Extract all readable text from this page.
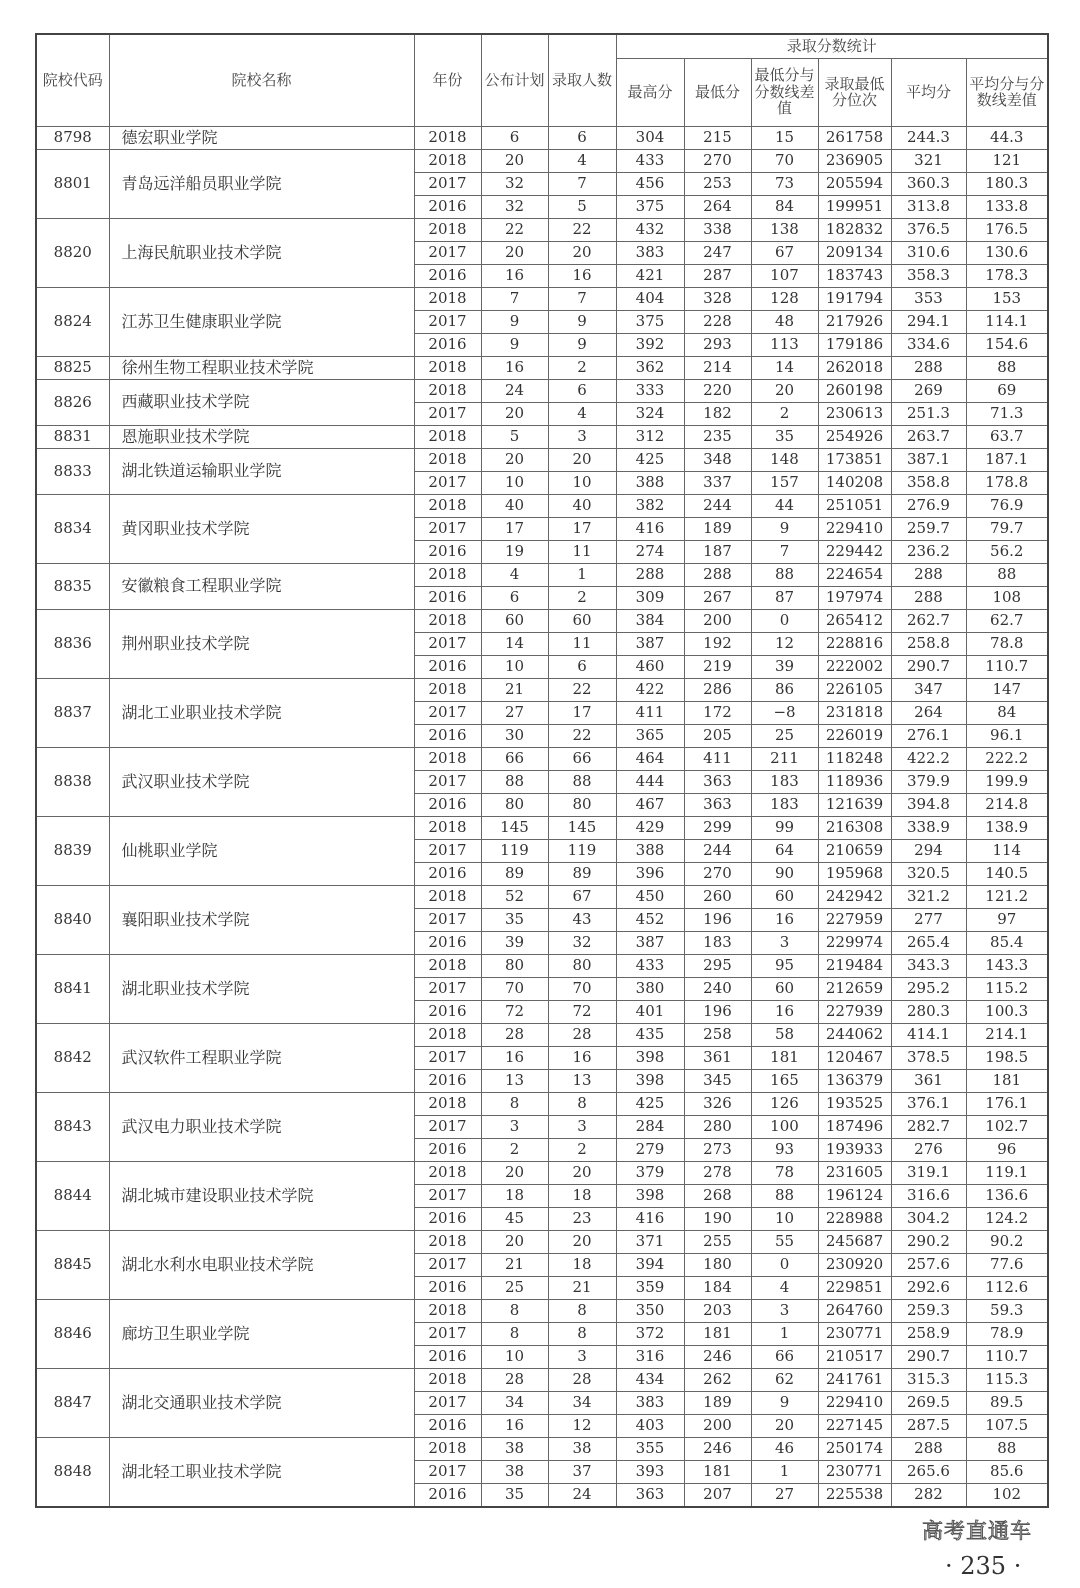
院校代码	院校名称	年份	公布计划	录取人数	录取分数统计					
					最高分	最低分	最低分与分数线差值	录取最低分位次	平均分	平均分与分数线差值
8798	德宏职业学院	2018	6	6	304	215	15	261758	244.3	44.3
8801	青岛远洋船员职业学院	2018	20	4	433	270	70	236905	321	121
		2017	32	7	456	253	73	205594	360.3	180.3
		2016	32	5	375	264	84	199951	313.8	133.8
8820	上海民航职业技术学院	2018	22	22	432	338	138	182832	376.5	176.5
		2017	20	20	383	247	67	209134	310.6	130.6
		2016	16	16	421	287	107	183743	358.3	178.3
8824	江苏卫生健康职业学院	2018	7	7	404	328	128	191794	353	153
		2017	9	9	375	228	48	217926	294.1	114.1
		2016	9	9	392	293	113	179186	334.6	154.6
8825	徐州生物工程职业技术学院	2018	16	2	362	214	14	262018	288	88
8826	西藏职业技术学院	2018	24	6	333	220	20	260198	269	69
		2017	20	4	324	182	2	230613	251.3	71.3
8831	恩施职业技术学院	2018	5	3	312	235	35	254926	263.7	63.7
8833	湖北铁道运输职业学院	2018	20	20	425	348	148	173851	387.1	187.1
		2017	10	10	388	337	157	140208	358.8	178.8
8834	黄冈职业技术学院	2018	40	40	382	244	44	251051	276.9	76.9
		2017	17	17	416	189	9	229410	259.7	79.7
		2016	19	11	274	187	7	229442	236.2	56.2
8835	安徽粮食工程职业学院	2018	4	1	288	288	88	224654	288	88
		2016	6	2	309	267	87	197974	288	108
8836	荆州职业技术学院	2018	60	60	384	200	0	265412	262.7	62.7
		2017	14	11	387	192	12	228816	258.8	78.8
		2016	10	6	460	219	39	222002	290.7	110.7
8837	湖北工业职业技术学院	2018	21	22	422	286	86	226105	347	147
		2017	27	17	411	172	−8	231818	264	84
		2016	30	22	365	205	25	226019	276.1	96.1
8838	武汉职业技术学院	2018	66	66	464	411	211	118248	422.2	222.2
		2017	88	88	444	363	183	118936	379.9	199.9
		2016	80	80	467	363	183	121639	394.8	214.8
8839	仙桃职业学院	2018	145	145	429	299	99	216308	338.9	138.9
		2017	119	119	388	244	64	210659	294	114
		2016	89	89	396	270	90	195968	320.5	140.5
8840	襄阳职业技术学院	2018	52	67	450	260	60	242942	321.2	121.2
		2017	35	43	452	196	16	227959	277	97
		2016	39	32	387	183	3	229974	265.4	85.4
8841	湖北职业技术学院	2018	80	80	433	295	95	219484	343.3	143.3
		2017	70	70	380	240	60	212659	295.2	115.2
		2016	72	72	401	196	16	227939	280.3	100.3
8842	武汉软件工程职业学院	2018	28	28	435	258	58	244062	414.1	214.1
		2017	16	16	398	361	181	120467	378.5	198.5
		2016	13	13	398	345	165	136379	361	181
8843	武汉电力职业技术学院	2018	8	8	425	326	126	193525	376.1	176.1
		2017	3	3	284	280	100	187496	282.7	102.7
		2016	2	2	279	273	93	193933	276	96
8844	湖北城市建设职业技术学院	2018	20	20	379	278	78	231605	319.1	119.1
		2017	18	18	398	268	88	196124	316.6	136.6
		2016	45	23	416	190	10	228988	304.2	124.2
8845	湖北水利水电职业技术学院	2018	20	20	371	255	55	245687	290.2	90.2
		2017	21	18	394	180	0	230920	257.6	77.6
		2016	25	21	359	184	4	229851	292.6	112.6
8846	廊坊卫生职业学院	2018	8	8	350	203	3	264760	259.3	59.3
		2017	8	8	372	181	1	230771	258.9	78.9
		2016	10	3	316	246	66	210517	290.7	110.7
8847	湖北交通职业技术学院	2018	28	28	434	262	62	241761	315.3	115.3
		2017	34	34	383	189	9	229410	269.5	89.5
		2016	16	12	403	200	20	227145	287.5	107.5
8848	湖北轻工职业技术学院	2018	38	38	355	246	46	250174	288	88
		2017	38	37	393	181	1	230771	265.6	85.6
		2016	35	24	363	207	27	225538	282	102
高考直通车
· 235 ·
